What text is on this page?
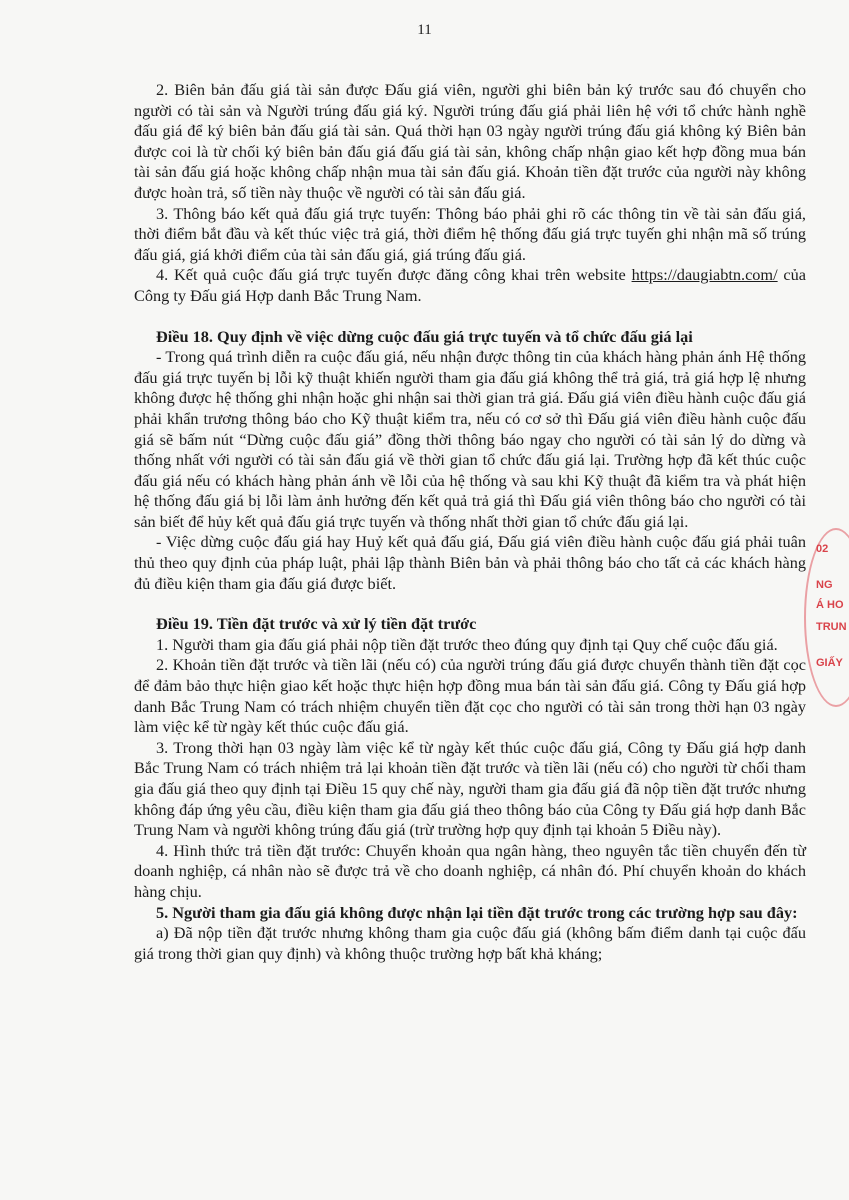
11

2. Biên bản đấu giá tài sản được Đấu giá viên, người ghi biên bản ký trước sau đó chuyển cho người có tài sản và Người trúng đấu giá ký. Người trúng đấu giá phải liên hệ với tổ chức hành nghề đấu giá để ký biên bản đấu giá tài sản. Quá thời hạn 03 ngày người trúng đấu giá không ký Biên bản được coi là từ chối ký biên bản đấu giá đấu giá tài sản, không chấp nhận giao kết hợp đồng mua bán tài sản đấu giá hoặc không chấp nhận mua tài sản đấu giá. Khoản tiền đặt trước của người này không được hoàn trả, số tiền này thuộc về người có tài sản đấu giá.

3. Thông báo kết quả đấu giá trực tuyến: Thông báo phải ghi rõ các thông tin về tài sản đấu giá, thời điểm bắt đầu và kết thúc việc trả giá, thời điểm hệ thống đấu giá trực tuyến ghi nhận mã số trúng đấu giá, giá khởi điểm của tài sản đấu giá, giá trúng đấu giá.

4. Kết quả cuộc đấu giá trực tuyến được đăng công khai trên website https://daugiabtn.com/ của Công ty Đấu giá Hợp danh Bắc Trung Nam.

Điều 18. Quy định về việc dừng cuộc đấu giá trực tuyến và tổ chức đấu giá lại

- Trong quá trình diễn ra cuộc đấu giá, nếu nhận được thông tin của khách hàng phản ánh Hệ thống đấu giá trực tuyến bị lỗi kỹ thuật khiến người tham gia đấu giá không thể trả giá, trả giá hợp lệ nhưng không được hệ thống ghi nhận hoặc ghi nhận sai thời gian trả giá. Đấu giá viên điều hành cuộc đấu giá phải khẩn trương thông báo cho Kỹ thuật kiểm tra, nếu có cơ sở thì Đấu giá viên điều hành cuộc đấu giá sẽ bấm nút “Dừng cuộc đấu giá” đồng thời thông báo ngay cho người có tài sản lý do dừng và thống nhất với người có tài sản đấu giá về thời gian tổ chức đấu giá lại. Trường hợp đã kết thúc cuộc đấu giá nếu có khách hàng phản ánh về lỗi của hệ thống và sau khi Kỹ thuật đã kiểm tra và phát hiện hệ thống đấu giá bị lỗi làm ảnh hưởng đến kết quả trả giá thì Đấu giá viên thông báo cho người có tài sản biết để hủy kết quả đấu giá trực tuyến và thống nhất thời gian tổ chức đấu giá lại.

- Việc dừng cuộc đấu giá hay Huỷ kết quả đấu giá, Đấu giá viên điều hành cuộc đấu giá phải tuân thủ theo quy định của pháp luật, phải lập thành Biên bản và phải thông báo cho tất cả các khách hàng đủ điều kiện tham gia đấu giá được biết.

Điều 19. Tiền đặt trước và xử lý tiền đặt trước

1. Người tham gia đấu giá phải nộp tiền đặt trước theo đúng quy định tại Quy chế cuộc đấu giá.

2. Khoản tiền đặt trước và tiền lãi (nếu có) của người trúng đấu giá được chuyển thành tiền đặt cọc để đảm bảo thực hiện giao kết hoặc thực hiện hợp đồng mua bán tài sản đấu giá. Công ty Đấu giá hợp danh Bắc Trung Nam có trách nhiệm chuyển tiền đặt cọc cho người có tài sản trong thời hạn 03 ngày làm việc kể từ ngày kết thúc cuộc đấu giá.

3. Trong thời hạn 03 ngày làm việc kể từ ngày kết thúc cuộc đấu giá, Công ty Đấu giá hợp danh Bắc Trung Nam có trách nhiệm trả lại khoản tiền đặt trước và tiền lãi (nếu có) cho người từ chối tham gia đấu giá theo quy định tại Điều 15 quy chế này, người tham gia đấu giá đã nộp tiền đặt trước nhưng không đáp ứng yêu cầu, điều kiện tham gia đấu giá theo thông báo của Công ty Đấu giá hợp danh Bắc Trung Nam và người không trúng đấu giá (trừ trường hợp quy định tại khoản 5 Điều này).

4. Hình thức trả tiền đặt trước: Chuyển khoản qua ngân hàng, theo nguyên tắc tiền chuyển đến từ doanh nghiệp, cá nhân nào sẽ được trả về cho doanh nghiệp, cá nhân đó. Phí chuyển khoản do khách hàng chịu.

5. Người tham gia đấu giá không được nhận lại tiền đặt trước trong các trường hợp sau đây:

a) Đã nộp tiền đặt trước nhưng không tham gia cuộc đấu giá (không bấm điểm danh tại cuộc đấu giá trong thời gian quy định) và không thuộc trường hợp bất khả kháng;

02
NG
Á HO
TRUN
GIẤY
